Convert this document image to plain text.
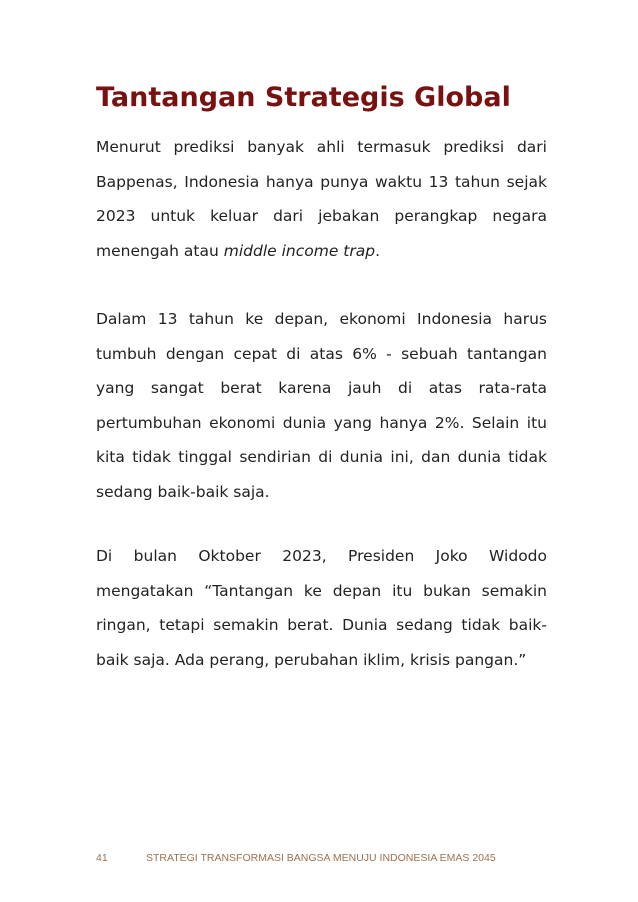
Tantangan Strategis Global

Menurut prediksi banyak ahli termasuk prediksi dari Bappenas, Indonesia hanya punya waktu 13 tahun sejak 2023 untuk keluar dari jebakan perangkap negara menengah atau middle income trap.

Dalam 13 tahun ke depan, ekonomi Indonesia harus tumbuh dengan cepat di atas 6% - sebuah tantangan yang sangat berat karena jauh di atas rata-rata pertumbuhan ekonomi dunia yang hanya 2%. Selain itu kita tidak tinggal sendirian di dunia ini, dan dunia tidak sedang baik-baik saja.

Di bulan Oktober 2023, Presiden Joko Widodo mengatakan “Tantangan ke depan itu bukan semakin ringan, tetapi semakin berat. Dunia sedang tidak baik-baik saja. Ada perang, perubahan iklim, krisis pangan.”

41	STRATEGI TRANSFORMASI BANGSA MENUJU INDONESIA EMAS 2045
